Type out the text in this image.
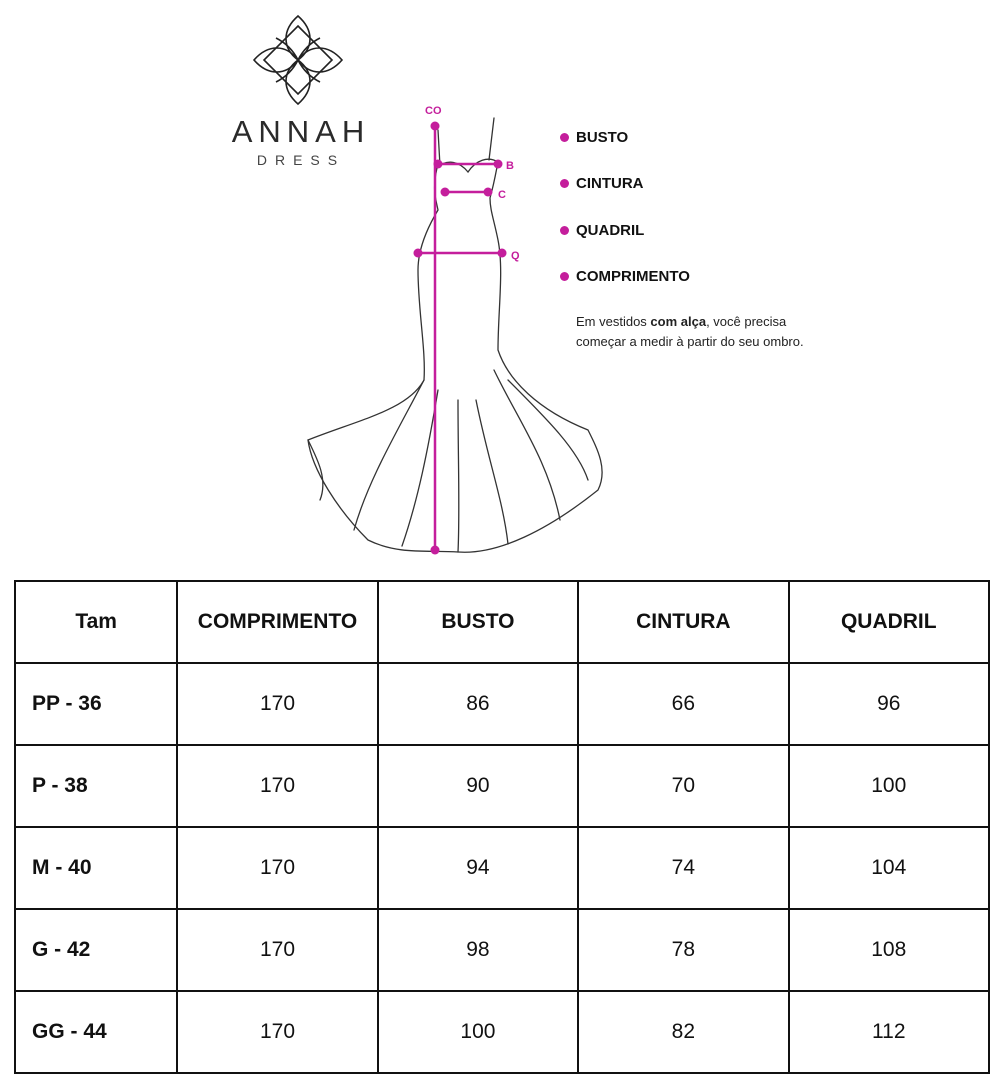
ANNAH
DRESS
CO
B
C
Q
BUSTO
CINTURA
QUADRIL
COMPRIMENTO
Em vestidos com alça, você precisa começar a medir à partir do seu ombro.
Tam	COMPRIMENTO	BUSTO	CINTURA	QUADRIL
PP - 36	170	86	66	96
P - 38	170	90	70	100
M - 40	170	94	74	104
G - 42	170	98	78	108
GG - 44	170	100	82	112
